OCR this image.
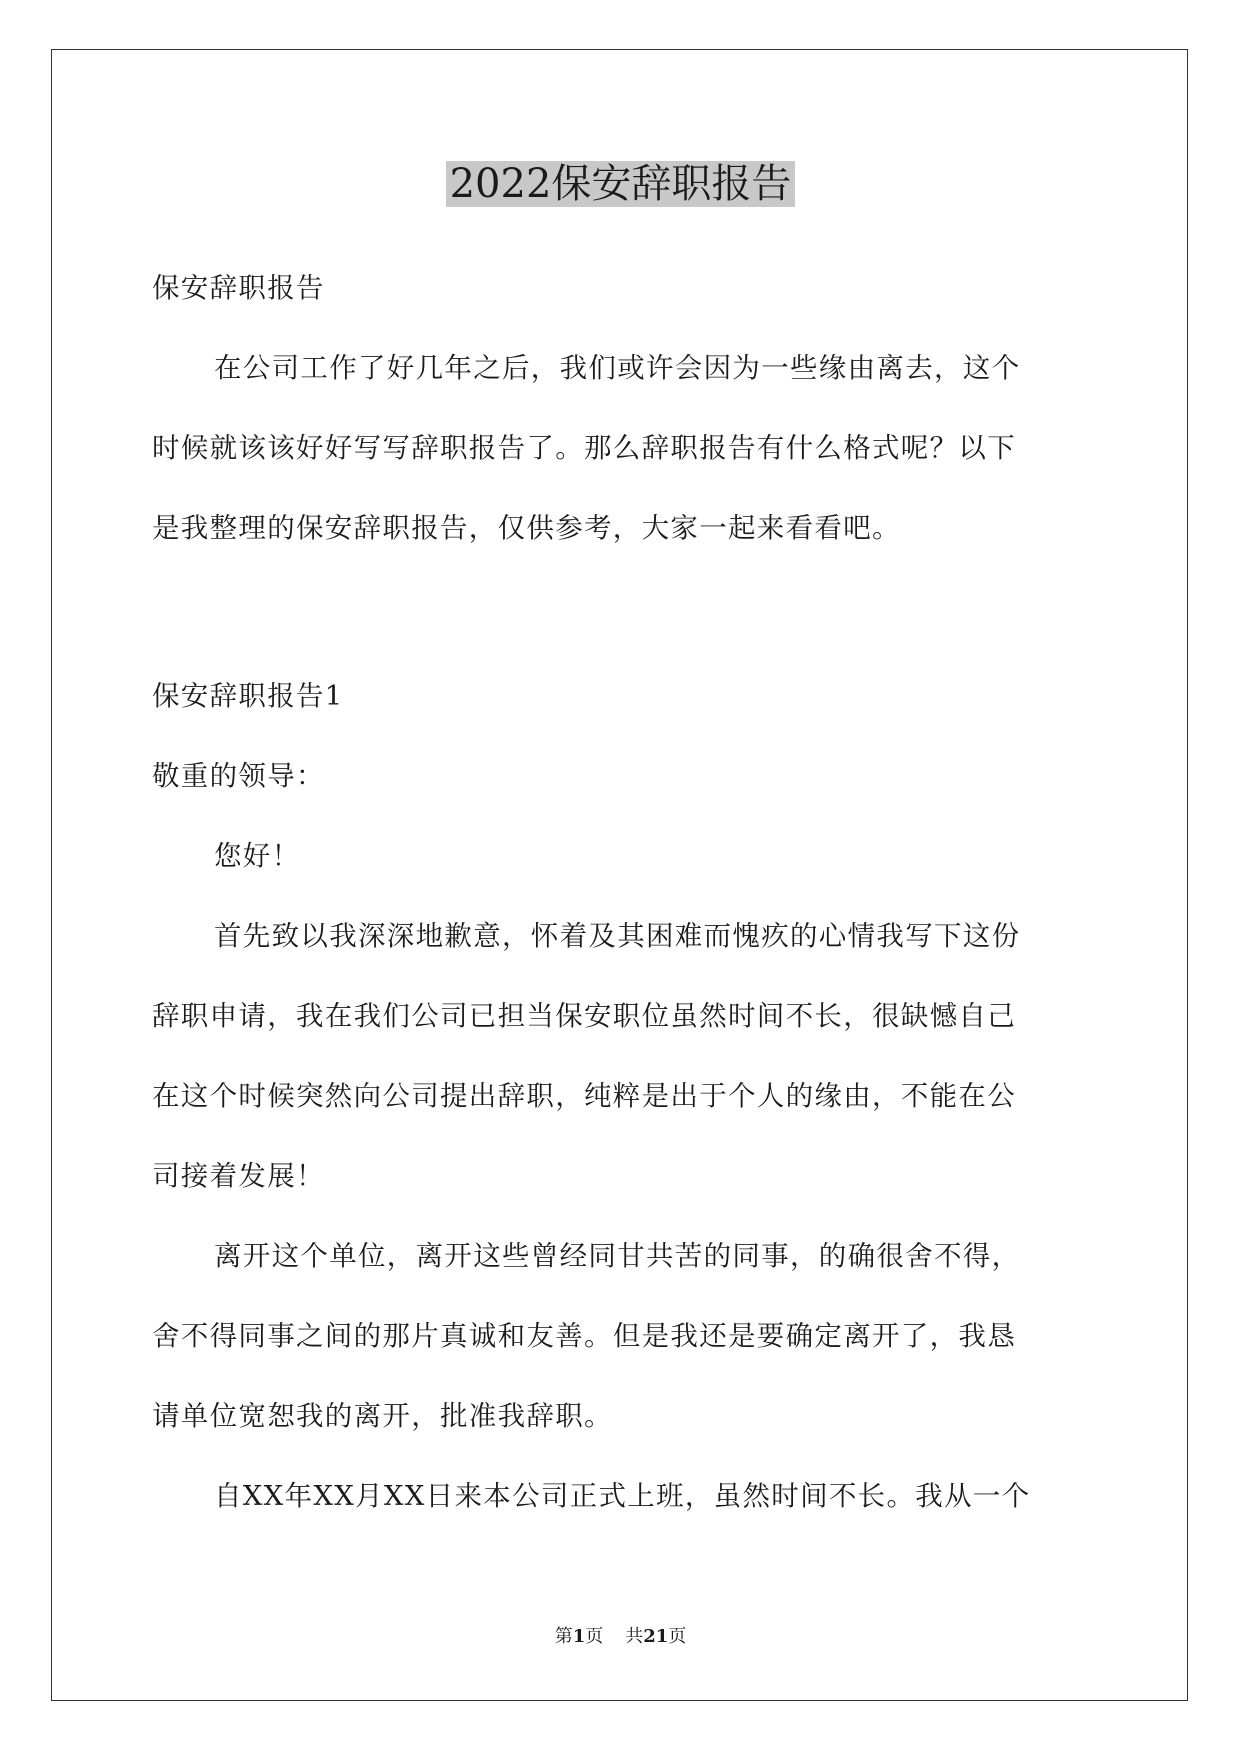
2022保安辞职报告
保安辞职报告
在公司工作了好几年之后，我们或许会因为一些缘由离去，这个
时候就该该好好写写辞职报告了。那么辞职报告有什么格式呢？以下
是我整理的保安辞职报告，仅供参考，大家一起来看看吧。
保安辞职报告1
敬重的领导：
您好！
首先致以我深深地歉意，怀着及其困难而愧疚的心情我写下这份
辞职申请，我在我们公司已担当保安职位虽然时间不长，很缺憾自己
在这个时候突然向公司提出辞职，纯粹是出于个人的缘由，不能在公
司接着发展！
离开这个单位，离开这些曾经同甘共苦的同事，的确很舍不得，
舍不得同事之间的那片真诚和友善。但是我还是要确定离开了，我恳
请单位宽恕我的离开，批准我辞职。
自XX年XX月XX日来本公司正式上班，虽然时间不长。我从一个
第1页 共21页
